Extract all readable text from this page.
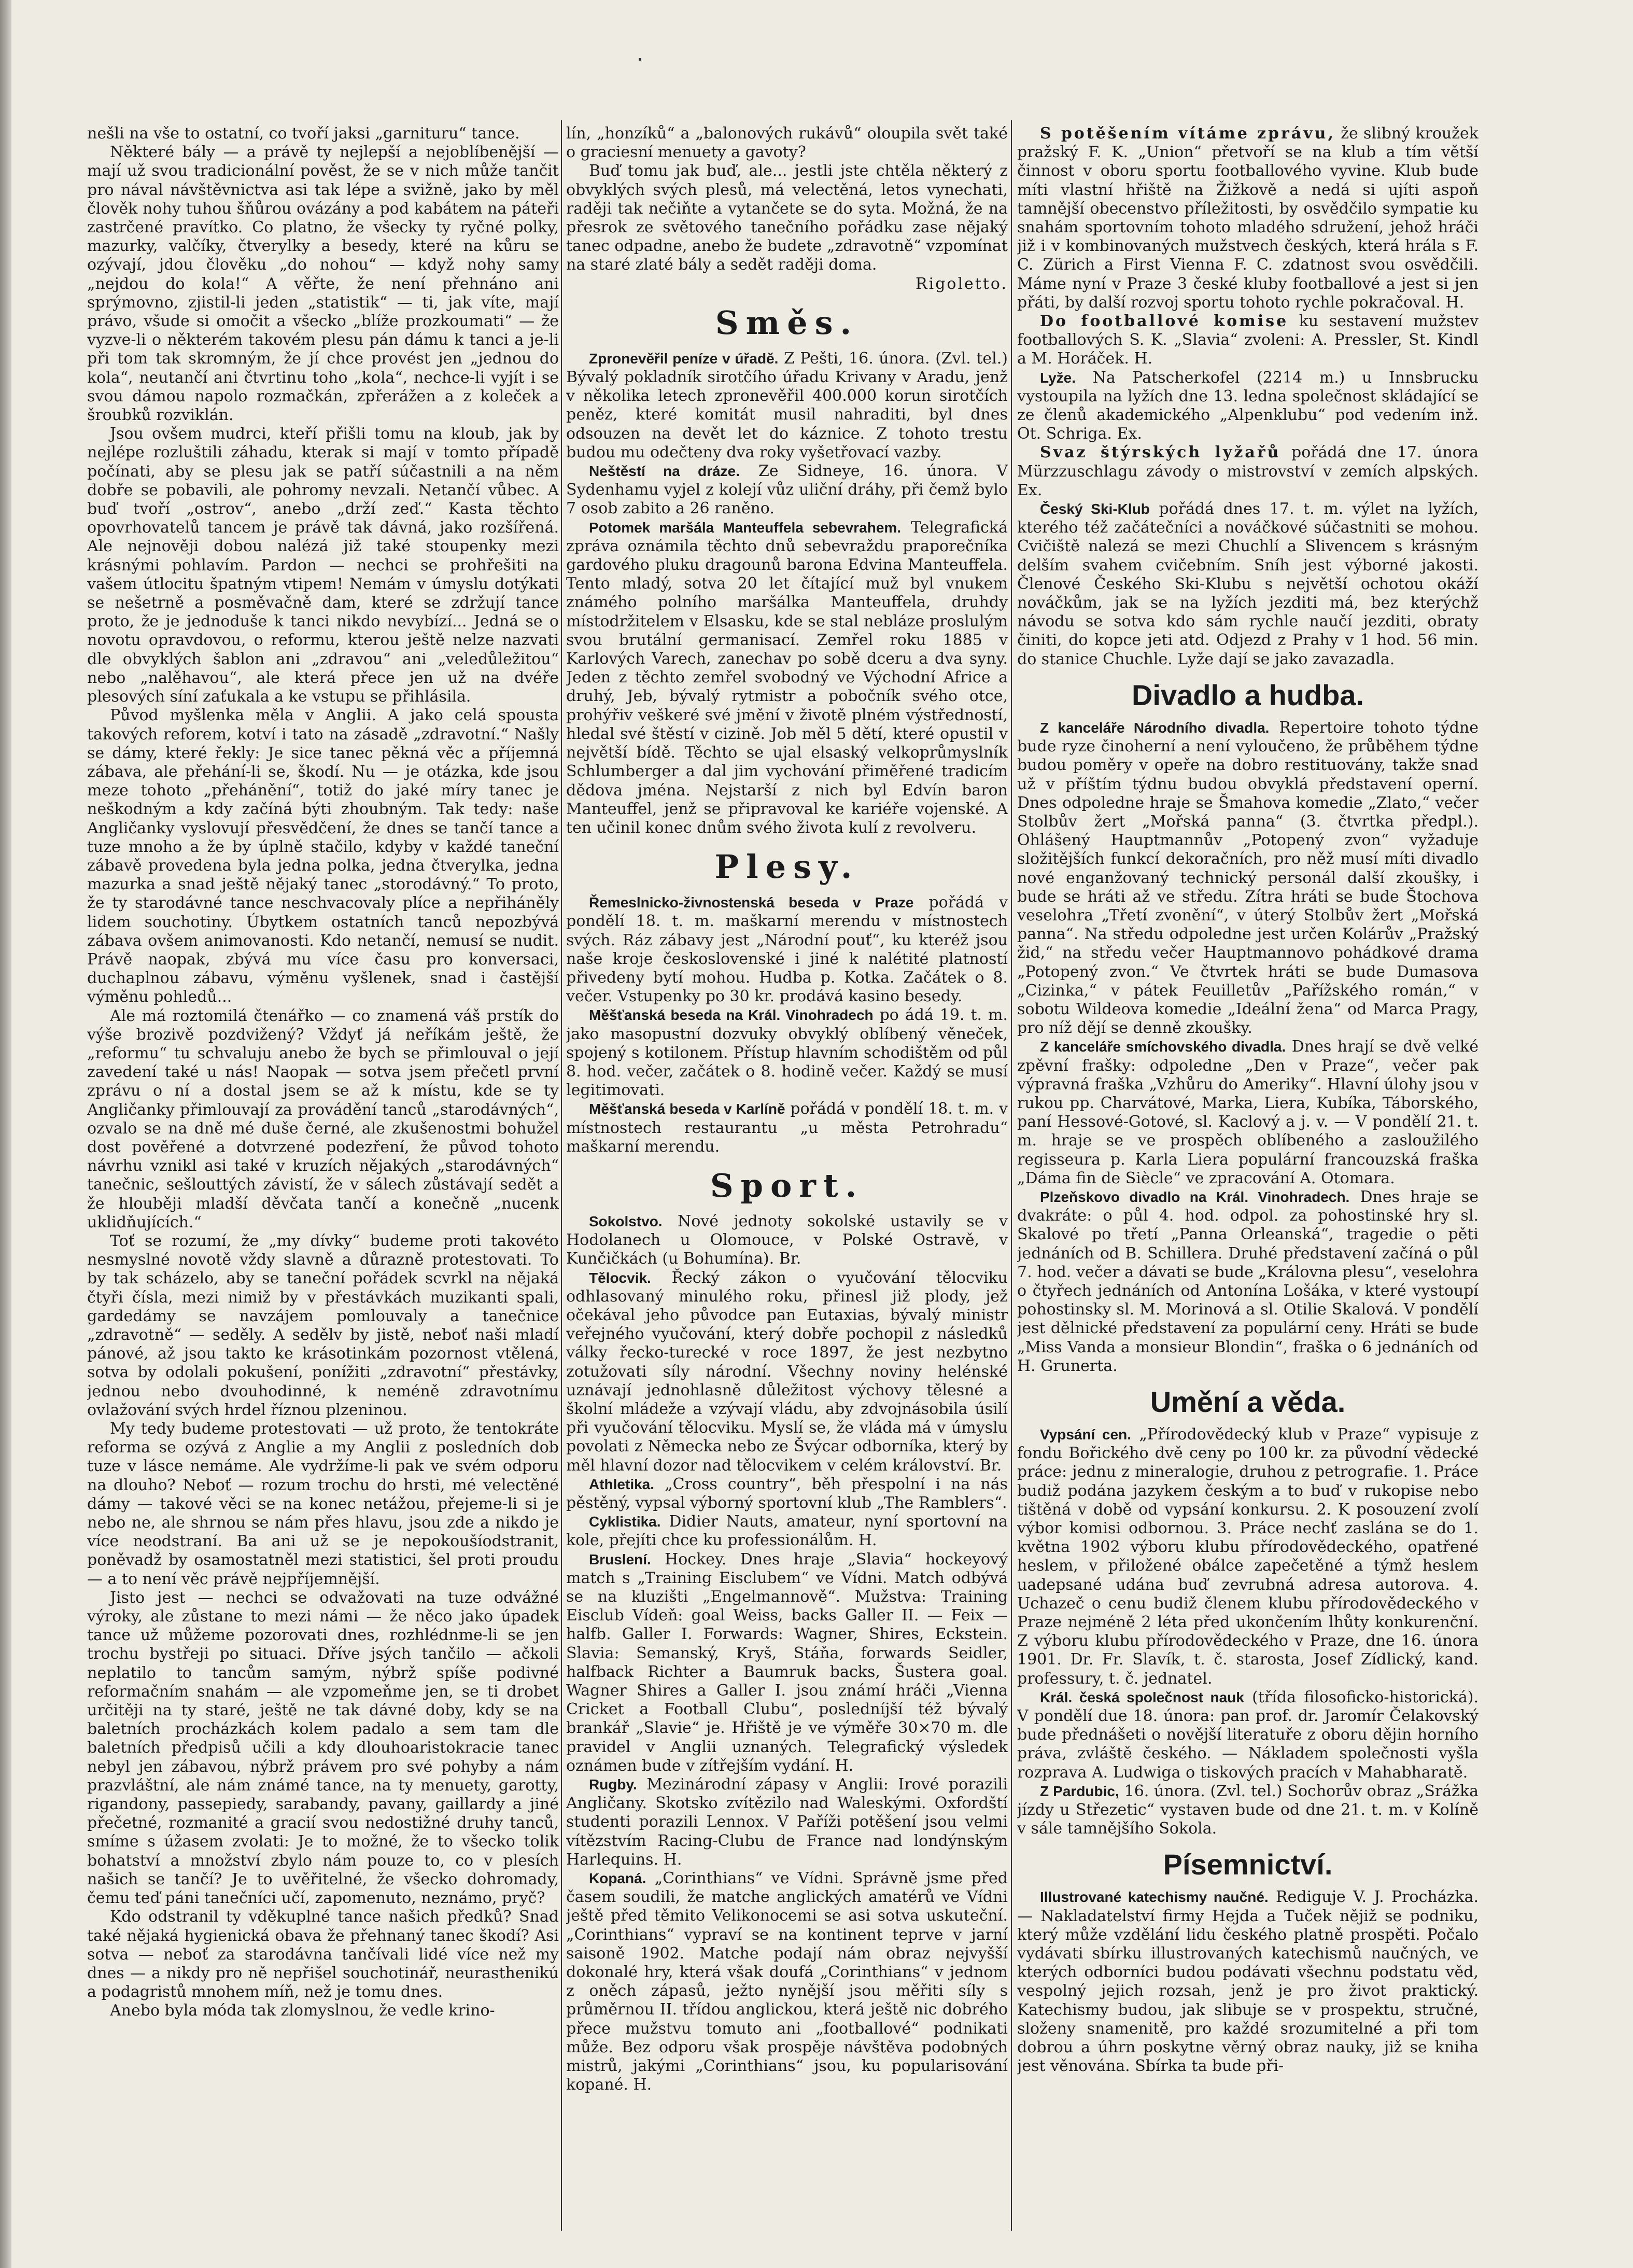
nešli na vše to ostatní, co tvoří jaksi „garnituru“ tance.

Některé bály — a právě ty nejlepší a nejoblíbenější — mají už svou tradicionální pověst, že se v nich může tančit pro nával návštěvnictva asi tak lépe a svižně, jako by měl člověk nohy tuhou šňůrou ovázány a pod kabátem na páteři zastrčené pravítko. Co platno, že všecky ty ryčné polky, mazurky, valčíky, čtverylky a besedy, které na kůru se ozývají, jdou člověku „do nohou“ — když nohy samy „nejdou do kola!“ A věřte, že není přehnáno ani sprýmovno, zjistil-li jeden „statistik“ — ti, jak víte, mají právo, všude si omočit a všecko „blíže prozkoumati“ — že vyzve-li o některém takovém plesu pán dámu k tanci a je-li při tom tak skromným, že jí chce provést jen „jednou do kola“, neutančí ani čtvrtinu toho „kola“, nechce-li vyjít i se svou dámou napolo rozmačkán, zpřerážen a z koleček a šroubků rozviklán.

Jsou ovšem mudrci, kteří přišli tomu na kloub, jak by nejlépe rozluštili záhadu, kterak si mají v tomto případě počínati, aby se plesu jak se patří súčastnili a na něm dobře se pobavili, ale pohromy nevzali. Netančí vůbec. A buď tvoří „ostrov“, anebo „drží zeď.“ Kasta těchto opovrhovatelů tancem je právě tak dávná, jako rozšířená. Ale nejnověji dobou nalézá již také stoupenky mezi krásnými pohlavím. Pardon — nechci se prohřešiti na vašem útlocitu špatným vtipem! Nemám v úmyslu dotýkati se nešetrně a posměvačně dam, které se zdržují tance proto, že je jednoduše k tanci nikdo nevybízí... Jedná se o novotu opravdovou, o reformu, kterou ještě nelze nazvati dle obvyklých šablon ani „zdravou“ ani „veledůležitou“ nebo „nalěhavou“, ale která přece jen už na dvéře plesových síní zaťukala a ke vstupu se přihlásila.

Původ myšlenka měla v Anglii. A jako celá spousta takových reforem, kotví i tato na zásadě „zdravotní.“ Našly se dámy, které řekly: Je sice tanec pěkná věc a příjemná zábava, ale přehání-li se, škodí. Nu — je otázka, kde jsou meze tohoto „přehánění“, totiž do jaké míry tanec je neškodným a kdy začíná býti zhoubným. Tak tedy: naše Angličanky vyslovují přesvědčení, že dnes se tančí tance a tuze mnoho a že by úplně stačilo, kdyby v každé taneční zábavě provedena byla jedna polka, jedna čtverylka, jedna mazurka a snad ještě nějaký tanec „storodávný.“ To proto, že ty starodávné tance neschvacovaly plíce a nepřiháněly lidem souchotiny. Úbytkem ostatních tanců nepozbývá zábava ovšem animovanosti. Kdo netančí, nemusí se nudit. Právě naopak, zbývá mu více času pro konversaci, duchaplnou zábavu, výměnu vyšlenek, snad i častější výměnu pohledů...

Ale má roztomilá čtenářko — co znamená váš prstík do výše brozivě pozdvižený? Vždyť já neříkám ještě, že „reformu“ tu schvaluju anebo že bych se přimlouval o její zavedení také u nás! Naopak — sotva jsem přečetl první zprávu o ní a dostal jsem se až k místu, kde se ty Angličanky přimlouvají za provádění tanců „starodávných“, ozvalo se na dně mé duše černé, ale zkušenostmi bohužel dost pověřené a dotvrzené podezření, že původ tohoto návrhu vznikl asi také v kruzích nějakých „starodávných“ tanečnic, sešlouttých závistí, že v sálech zůstávají sedět a že hlouběji mladší děvčata tančí a konečně „nucenk uklidňujících.“

Toť se rozumí, že „my dívky“ budeme proti takovéto nesmyslné novotě vždy slavně a důrazně protestovati. To by tak scházelo, aby se taneční pořádek scvrkl na nějaká čtyři čísla, mezi nimiž by v přestávkách muzikanti spali, gardedámy se navzájem pomlouvaly a tanečnice „zdravotně“ — seděly. A sedělv by jistě, neboť naši mladí pánové, až jsou takto ke krásotinkám pozornost vtělená, sotva by odolali pokušení, ponížiti „zdravotní“ přestávky, jednou nebo dvouhodinné, k neméně zdravotnímu ovlažování svých hrdel říznou plzeninou.

My tedy budeme protestovati — už proto, že tentokráte reforma se ozývá z Anglie a my Anglii z posledních dob tuze v lásce nemáme. Ale vydržíme-li pak ve svém odporu na dlouho? Neboť — rozum trochu do hrsti, mé velectěné dámy — takové věci se na konec netážou, přejeme-li si je nebo ne, ale shrnou se nám přes hlavu, jsou zde a nikdo je více neodstraní. Ba ani už se je nepokoušíodstranit, poněvadž by osamostatněl mezi statistici, šel proti proudu — a to není věc právě nejpříjemnější.

Jisto jest — nechci se odvažovati na tuze odvážné výroky, ale zůstane to mezi námi — že něco jako úpadek tance už můžeme pozorovati dnes, rozhlédnme-li se jen trochu bystřeji po situaci. Dříve jsých tančilo — ačkoli neplatilo to tancům samým, nýbrž spíše podivné reformačním snahám — ale vzpomeňme jen, se ti drobet určitěji na ty staré, ještě ne tak dávné doby, kdy se na baletních procházkách kolem padalo a sem tam dle baletních předpisů učili a kdy dlouhoaristokracie tanec nebyl jen zábavou, nýbrž právem pro své pohyby a nám prazvláštní, ale nám známé tance, na ty menuety, garotty, rigandony, passepiedy, sarabandy, pavany, gaillardy a jiné přečetné, rozmanité a gracií svou nedostižné druhy tanců, smíme s úžasem zvolati: Je to možné, že to všecko tolik bohatství a množství zbylo nám pouze to, co v plesích našich se tančí? Je to uvěřitelné, že všecko dohromady, čemu teď páni tanečníci učí, zapomenuto, neznámo, pryč?

Kdo odstranil ty vděkuplné tance našich předků? Snad také nějaká hygienická obava že přehnaný tanec škodí? Asi sotva — neboť za starodávna tančívali lidé více než my dnes — a nikdy pro ně nepřišel souchotinář, neurasthenikú a podagristů mnohem míň, než je tomu dnes.

Anebo byla móda tak zlomyslnou, že vedle krino-

lín, „honzíků“ a „balonových rukávů“ oloupila svět také o graciesní menuety a gavoty?

Buď tomu jak buď, ale... jestli jste chtěla některý z obvyklých svých plesů, má velectěná, letos vynechati, raději tak nečiňte a vytančete se do syta. Možná, že na přesrok ze světového tanečního pořádku zase nějaký tanec odpadne, anebo že budete „zdravotně“ vzpomínat na staré zlaté bály a sedět raději doma.

Rigoletto.
Směs.

Zpronevěřil peníze v úřadě. Z Pešti, 16. února. (Zvl. tel.) Bývalý pokladník sirotčího úřadu Krivany v Aradu, jenž v několika letech zpronevěřil 400.000 korun sirotčích peněz, které komitát musil nahraditi, byl dnes odsouzen na devět let do káznice. Z tohoto trestu budou mu odečteny dva roky vyšetřovací vazby.

Neštěstí na dráze. Ze Sidneye, 16. února. V Sydenhamu vyjel z kolejí vůz uliční dráhy, při čemž bylo 7 osob zabito a 26 raněno.

Potomek maršála Manteuffela sebevrahem. Telegrafická zpráva oznámila těchto dnů sebevraždu praporečníka gardového pluku dragounů barona Edvina Manteuffela. Tento mladý, sotva 20 let čítající muž byl vnukem známého polního maršálka Manteuffela, druhdy místodržitelem v Elsasku, kde se stal nebláze proslulým svou brutální germanisací. Zemřel roku 1885 v Karlových Varech, zanechav po sobě dceru a dva syny. Jeden z těchto zemřel svobodný ve Východní Africe a druhý, Jeb, bývalý rytmistr a pobočník svého otce, prohýřiv veškeré své jmění v životě plném výstředností, hledal své štěstí v cizině. Job měl 5 dětí, které opustil v největší bídě. Těchto se ujal elsaský velkoprůmyslník Schlumberger a dal jim vychování přiměřené tradicím dědova jména. Nejstarší z nich byl Edvín baron Manteuffel, jenž se připravoval ke kariéře vojenské. A ten učinil konec dnům svého života kulí z revolveru.

Plesy.

Řemeslnicko-živnostenská beseda v Praze pořádá v pondělí 18. t. m. maškarní merendu v místnostech svých. Ráz zábavy jest „Národní pouť“, ku kteréž jsou naše kroje československé i jiné k nalétité platností přivedeny bytí mohou. Hudba p. Kotka. Začátek o 8. večer. Vstupenky po 30 kr. prodává kasino besedy.

Měšťanská beseda na Král. Vinohradech po ádá 19. t. m. jako masopustní dozvuky obvyklý oblíbený věneček, spojený s kotilonem. Přístup hlavním schodištěm od půl 8. hod. večer, začátek o 8. hodině večer. Každý se musí legitimovati.

Měšťanská beseda v Karlíně pořádá v pondělí 18. t. m. v místnostech restaurantu „u města Petrohradu“ maškarní merendu.

Sport.

Sokolstvo. Nové jednoty sokolské ustavily se v Hodolanech u Olomouce, v Polské Ostravě, v Kunčičkách (u Bohumína). Br.

Tělocvik. Řecký zákon o vyučování tělocviku odhlasovaný minulého roku, přinesl již plody, jež očekával jeho původce pan Eutaxias, bývalý ministr veřejného vyučování, který dobře pochopil z následků války řecko-turecké v roce 1897, že jest nezbytno zotužovati síly národní. Všechny noviny helénské uznávají jednohlasně důležitost výchovy tělesné a školní mládeže a vzývají vládu, aby zdvojnásobila úsilí při vyučování tělocviku. Myslí se, že vláda má v úmyslu povolati z Německa nebo ze Švýcar odborníka, který by měl hlavní dozor nad tělocvikem v celém království. Br.

Athletika. „Cross country“, běh přespolní i na nás pěstěný, vypsal výborný sportovní klub „The Ramblers“.

Cyklistika. Didier Nauts, amateur, nyní sportovní na kole, přejíti chce ku professionálům. H.

Bruslení. Hockey. Dnes hraje „Slavia“ hockeyový match s „Training Eisclubem“ ve Vídni. Match odbývá se na kluzišti „Engelmannově“. Mužstva: Training Eisclub Vídeň: goal Weiss, backs Galler II. — Feix — halfb. Galler I. Forwards: Wagner, Shires, Eckstein. Slavia: Semanský, Kryš, Stáňa, forwards Seidler, halfback Richter a Baumruk backs, Šustera goal. Wagner Shires a Galler I. jsou známí hráči „Vienna Cricket a Football Clubu“, posledníjší též bývalý brankář „Slavie“ je. Hřiště je ve výměře 30×70 m. dle pravidel v Anglii uznaných. Telegrafický výsledek oznámen bude v zítřejším vydání. H.

Rugby. Mezinárodní zápasy v Anglii: Irové porazili Angličany. Skotsko zvítězilo nad Waleskými. Oxfordští studenti porazili Lennox. V Paříži potěšení jsou velmi vítězstvím Racing-Clubu de France nad londýnským Harlequins. H.

Kopaná. „Corinthians“ ve Vídni. Správně jsme před časem soudili, že matche anglických amatérů ve Vídni ještě před těmito Velikonocemi se asi sotva uskuteční. „Corinthians“ vypraví se na kontinent teprve v jarní saisoně 1902. Matche podají nám obraz nejvyšší dokonalé hry, která však doufá „Corinthians“ v jednom z oněch zápasů, ježto nynější jsou měřiti síly s průměrnou II. třídou anglickou, která ještě nic dobrého přece mužstvu tomuto ani „footballové“ podnikati může. Bez odporu však prospěje návštěva podobných mistrů, jakými „Corinthians“ jsou, ku popularisování kopané. H.

S potěšením vítáme zprávu, že slibný kroužek pražský F. K. „Union“ přetvoří se na klub a tím větší činnost v oboru sportu footballového vyvine. Klub bude míti vlastní hřiště na Žižkově a nedá si ujíti aspoň tamnější obecenstvo příležitosti, by osvědčilo sympatie ku snahám sportovním tohoto mladého sdružení, jehož hráči již i v kombinovaných mužstvech českých, která hrála s F. C. Zürich a First Vienna F. C. zdatnost svou osvědčili. Máme nyní v Praze 3 české kluby footballové a jest si jen přáti, by další rozvoj sportu tohoto rychle pokračoval. H.

Do footballové komise ku sestavení mužstev footballových S. K. „Slavia“ zvoleni: A. Pressler, St. Kindl a M. Horáček. H.

Lyže. Na Patscherkofel (2214 m.) u Innsbrucku vystoupila na lyžích dne 13. ledna společnost skládající se ze členů akademického „Alpenklubu“ pod vedením inž. Ot. Schriga. Ex.

Svaz štýrských lyžařů pořádá dne 17. února Mürzzuschlagu závody o mistrovství v zemích alpských. Ex.

Český Ski-Klub pořádá dnes 17. t. m. výlet na lyžích, kterého též začátečníci a nováčkové súčastniti se mohou. Cvičiště nalezá se mezi Chuchlí a Slivencem s krásným delším svahem cvičebním. Sníh jest výborné jakosti. Členové Českého Ski-Klubu s největší ochotou okáží nováčkům, jak se na lyžích jezditi má, bez kterýchž návodu se sotva kdo sám rychle naučí jezditi, obraty činiti, do kopce jeti atd. Odjezd z Prahy v 1 hod. 56 min. do stanice Chuchle. Lyže dají se jako zavazadla.

Divadlo a hudba.

Z kanceláře Národního divadla. Repertoire tohoto týdne bude ryze činoherní a není vyloučeno, že průběhem týdne budou poměry v opeře na dobro restituovány, takže snad už v příštím týdnu budou obvyklá představení operní. Dnes odpoledne hraje se Šmahova komedie „Zlato,“ večer Stolbův žert „Mořská panna“ (3. čtvrtka předpl.). Ohlášený Hauptmannův „Potopený zvon“ vyžaduje složitějších funkcí dekoračních, pro něž musí míti divadlo nové enganžovaný technický personál další zkoušky, i bude se hráti až ve středu. Zítra hráti se bude Štochova veselohra „Třetí zvonění“, v úterý Stolbův žert „Mořská panna“. Na středu odpoledne jest určen Kolárův „Pražský žid,“ na středu večer Hauptmannovo pohádkové drama „Potopený zvon.“ Ve čtvrtek hráti se bude Dumasova „Cizinka,“ v pátek Feuilletův „Pařížského román,“ v sobotu Wildeova komedie „Ideální žena“ od Marca Pragy, pro níž dějí se denně zkoušky.

Z kanceláře smíchovského divadla. Dnes hrají se dvě velké zpěvní frašky: odpoledne „Den v Praze“, večer pak výpravná fraška „Vzhůru do Ameriky“. Hlavní úlohy jsou v rukou pp. Charvátové, Marka, Liera, Kubíka, Táborského, paní Hessové-Gotové, sl. Kaclový a j. v. — V pondělí 21. t. m. hraje se ve prospěch oblíbeného a zasloužilého regisseura p. Karla Liera populární francouzská fraška „Dáma fin de Siècle“ ve zpracování A. Otomara.

Plzeňskovo divadlo na Král. Vinohradech. Dnes hraje se dvakráte: o půl 4. hod. odpol. za pohostinské hry sl. Skalové po třetí „Panna Orleanská“, tragedie o pěti jednáních od B. Schillera. Druhé představení začíná o půl 7. hod. večer a dávati se bude „Královna plesu“, veselohra o čtyřech jednáních od Antonína Lošáka, v které vystoupí pohostinsky sl. M. Morinová a sl. Otilie Skalová. V pondělí jest dělnické představení za populární ceny. Hráti se bude „Miss Vanda a monsieur Blondin“, fraška o 6 jednáních od H. Grunerta.

Umění a věda.

Vypsání cen. „Přírodovědecký klub v Praze“ vypisuje z fondu Bořického dvě ceny po 100 kr. za původní vědecké práce: jednu z mineralogie, druhou z petrografie. 1. Práce budiž podána jazykem českým a to buď v rukopise nebo tištěná v době od vypsání konkursu. 2. K posouzení zvolí výbor komisi odbornou. 3. Práce nechť zaslána se do 1. května 1902 výboru klubu přírodovědeckého, opatřené heslem, v přiložené obálce zapečetěné a týmž heslem uadepsané udána buď zevrubná adresa autorova. 4. Uchazeč o cenu budiž členem klubu přírodovědeckého v Praze nejméně 2 léta před ukončením lhůty konkurenční. Z výboru klubu přírodovědeckého v Praze, dne 16. února 1901. Dr. Fr. Slavík, t. č. starosta, Josef Zídlický, kand. professury, t. č. jednatel.

Král. česká společnost nauk (třída filosoficko-historická). V pondělí due 18. února: pan prof. dr. Jaromír Čelakovský bude přednášeti o novější literatuře z oboru dějin horního práva, zvláště českého. — Nákladem společnosti vyšla rozprava A. Ludwiga o tiskových pracích v Mahabharatě.

Z Pardubic, 16. února. (Zvl. tel.) Sochorův obraz „Srážka jízdy u Střezetic“ vystaven bude od dne 21. t. m. v Kolíně v sále tamnějšího Sokola.

Písemnictví.

Illustrované katechismy naučné. Rediguje V. J. Procházka. — Nakladatelství firmy Hejda a Tuček nějiž se podniku, který může vzdělání lidu českého platně prospěti. Počalo vydávati sbírku illustrovaných katechismů naučných, ve kterých odborníci budou podávati všechnu podstatu věd, vespolný jejich rozsah, jenž je pro život praktický. Katechismy budou, jak slibuje se v prospektu, stručné, složeny snamenitě, pro každé srozumitelné a při tom dobrou a úhrn poskytne věrný obraz nauky, již se kniha jest věnována. Sbírka ta bude při-
